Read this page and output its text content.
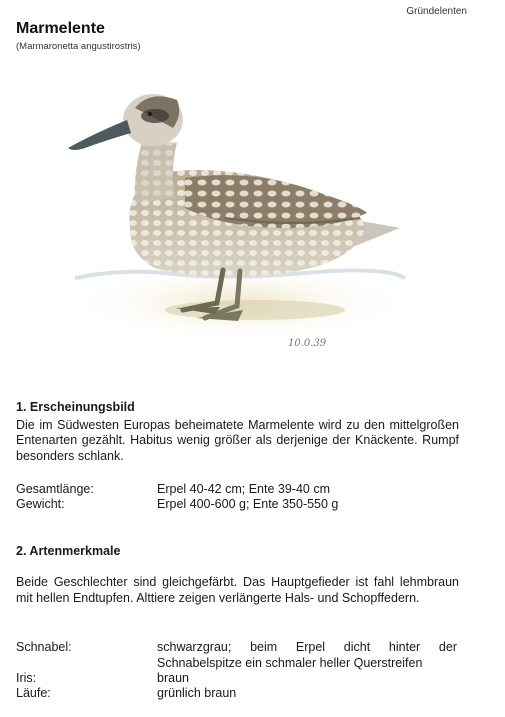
Gründelenten
Marmelente
(Marmaronetta angustirostris)
10.0.39
1. Erscheinungsbild

Die im Südwesten Europas beheimatete Marmelente wird zu den mittelgroßen Entenarten gezählt. Habitus wenig größer als derjenige der Knäckente. Rumpf besonders schlank.

Gesamtlänge:	Erpel 40-42 cm; Ente 39-40 cm
Gewicht:	Erpel 400-600 g; Ente 350-550 g
2. Artenmerkmale

Beide Geschlechter sind gleichgefärbt. Das Hauptgefieder ist fahl lehmbraun mit hellen Endtupfen. Alttiere zeigen verlängerte Hals- und Schopffedern.

Schnabel:	schwarzgrau; beim Erpel dicht hinter der Schnabelspitze ein schmaler heller Querstreifen
Iris:	braun
Läufe:	grünlich braun
